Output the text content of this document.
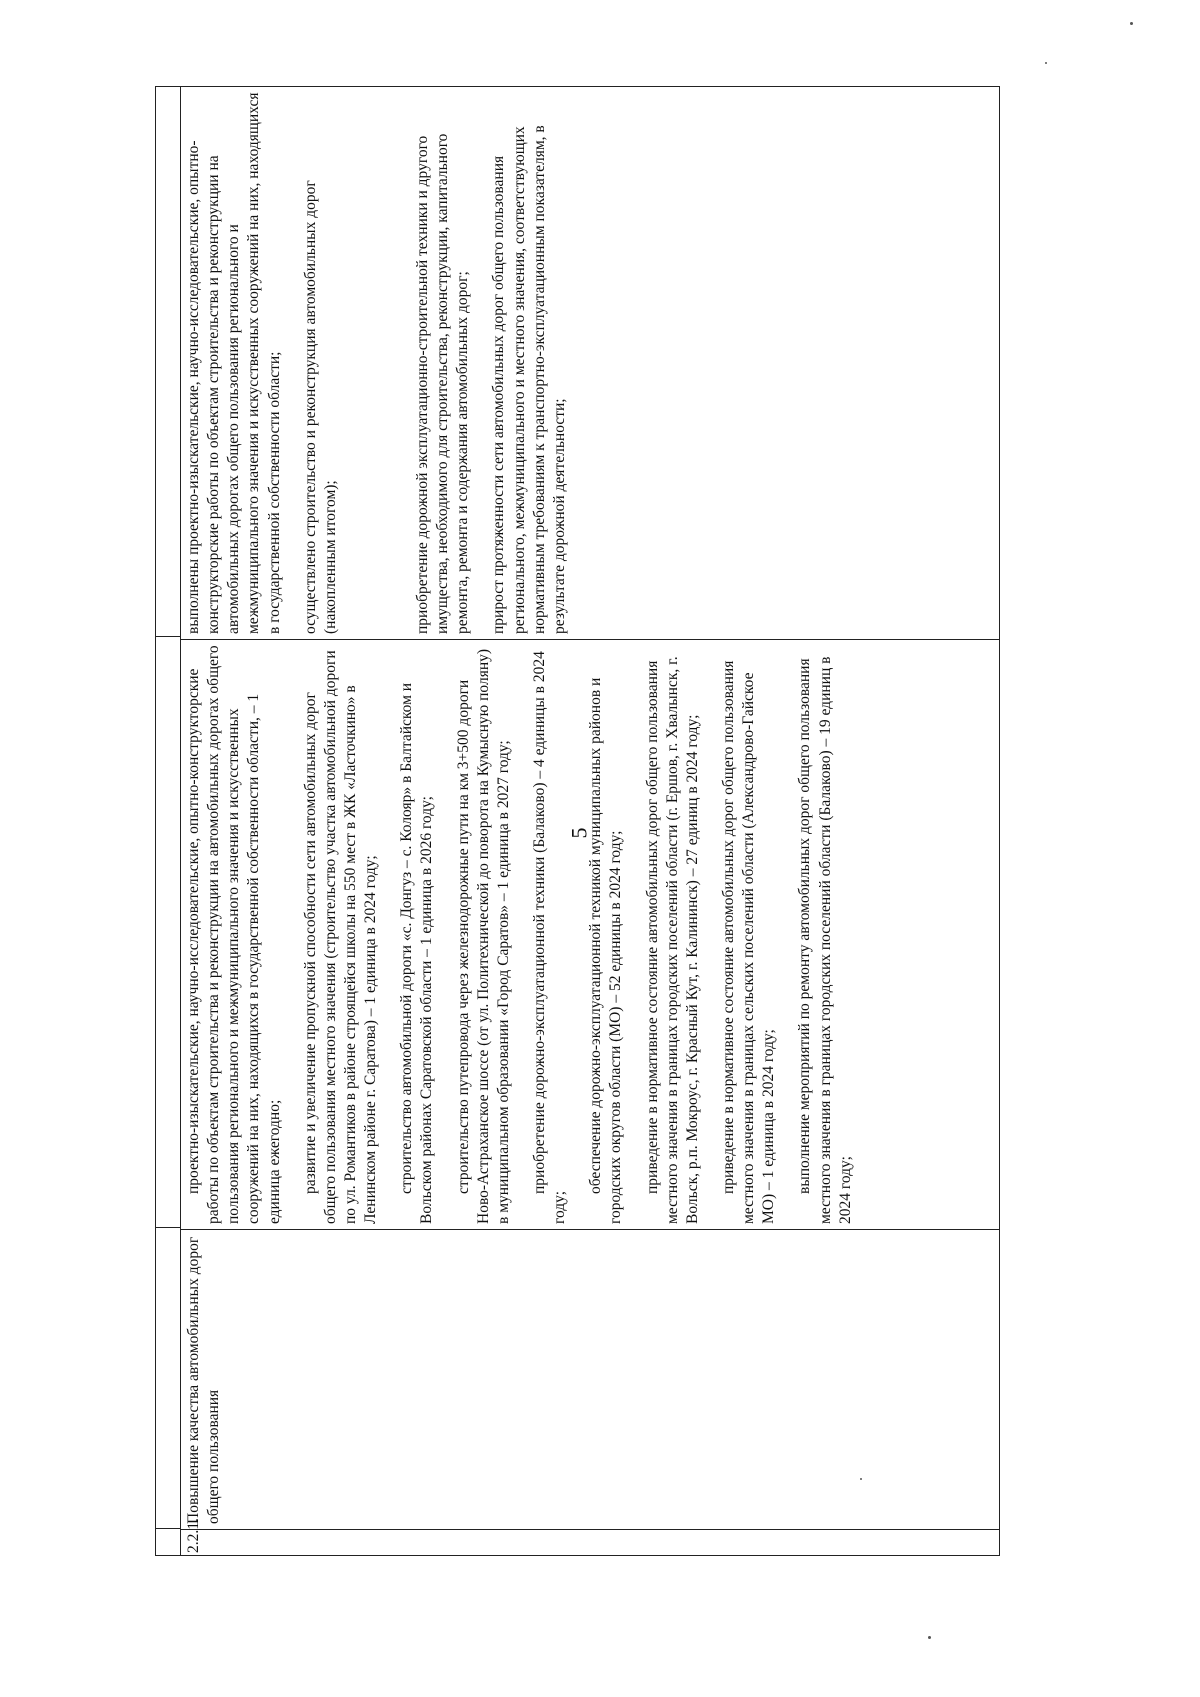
5
2.2.1.
Повышение качества автомобильных дорог общего пользования

проектно-изыскательские, научно-исследовательские, опытно-конструкторские работы по объектам строительства и реконструкции на автомобильных дорогах общего пользования регионального и межмуниципального значения и искусственных сооружений на них, находящихся в государственной собственности области, – 1 единица ежегодно; развитие и увеличение пропускной способности сети автомобильных дорог общего пользования местного значения (строительство участка автомобильной дороги по ул. Романтиков в районе строящейся школы на 550 мест в ЖК «Ласточкино» в Ленинском районе г. Саратова) – 1 единица в 2024 году; строительство автомобильной дороги «с. Донгуз – с. Колояр» в Балтайском и Вольском районах Саратовской области – 1 единица в 2026 году; строительство путепровода через железнодорожные пути на км 3+500 дороги Ново-Астраханское шоссе (от ул. Политехнической до поворота на Кумысную поляну) в муниципальном образовании «Город Саратов» – 1 единица в 2027 году; приобретение дорожно-эксплуатационной техники (Балаково) – 4 единицы в 2024 году;

обеспечение дорожно-эксплуатационной техникой муниципальных районов и городских округов области (МО) – 52 единицы в 2024 году; приведение в нормативное состояние автомобильных дорог общего пользования местного значения в границах городских поселений области (г. Ершов, г. Хвалынск, г. Вольск, р.п. Мокроус, г. Красный Кут, г. Калининск) – 27 единиц в 2024 году; приведение в нормативное состояние автомобильных дорог общего пользования местного значения в границах сельских поселений области (Александрово-Гайское МО) – 1 единица в 2024 году; выполнение мероприятий по ремонту автомобильных дорог общего пользования местного значения в границах городских поселений области (Балаково) – 19 единиц в 2024 году;

выполнены проектно-изыскательские, научно-исследовательские, опытно-конструкторские работы по объектам строительства и реконструкции на автомобильных дорогах общего пользования регионального и межмуниципального значения и искусственных сооружений на них, находящихся в государственной собственности области; осуществлено строительство и реконструкция автомобильных дорог (накопленным итогом);	приобретение дорожной эксплуатационно-строительной техники и другого имущества, необходимого для строительства, реконструкции, капитального ремонта, ремонта и содержания автомобильных дорог; прирост протяженности сети автомобильных дорог общего пользования регионального, межмуниципального и местного значения, соответствующих нормативным требованиям к транспортно-эксплуатационным показателям, в результате дорожной деятельности;
